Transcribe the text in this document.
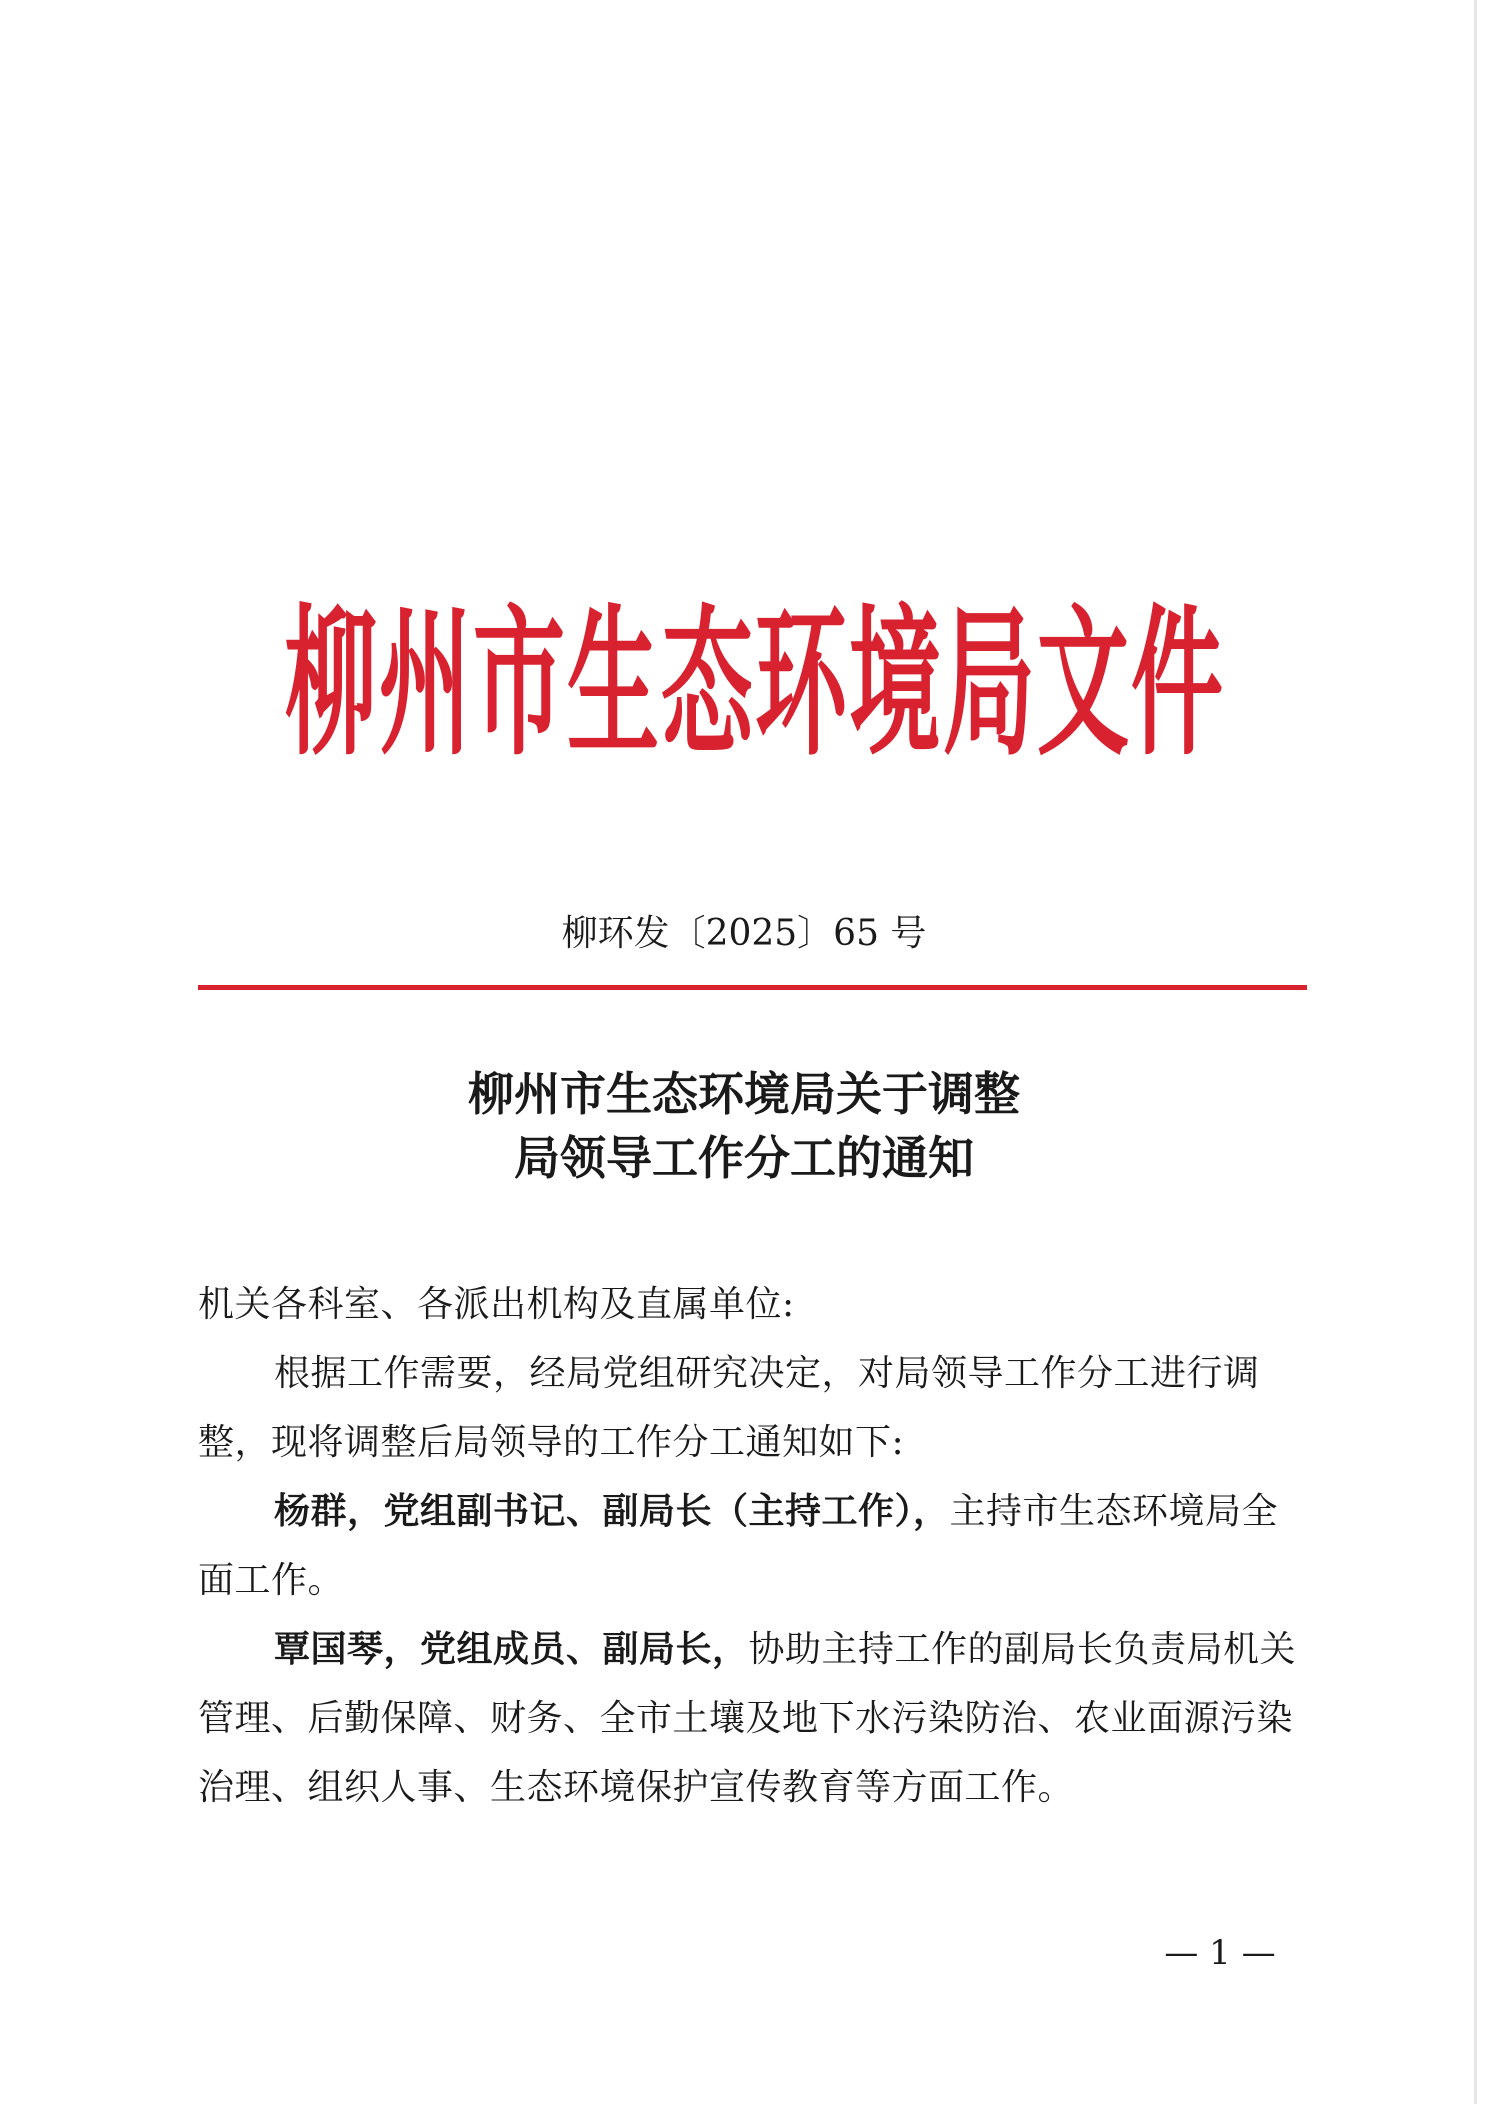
柳州市生态环境局文件
柳环发〔2025〕65 号
柳州市生态环境局关于调整
局领导工作分工的通知

机关各科室、各派出机构及直属单位:

根据工作需要，经局党组研究决定，对局领导工作分工进行调整，现将调整后局领导的工作分工通知如下:

杨群，党组副书记、副局长（主持工作），主持市生态环境局全面工作。

覃国琴，党组成员、副局长，协助主持工作的副局长负责局机关管理、后勤保障、财务、全市土壤及地下水污染防治、农业面源污染治理、组织人事、生态环境保护宣传教育等方面工作。

— 1 —
